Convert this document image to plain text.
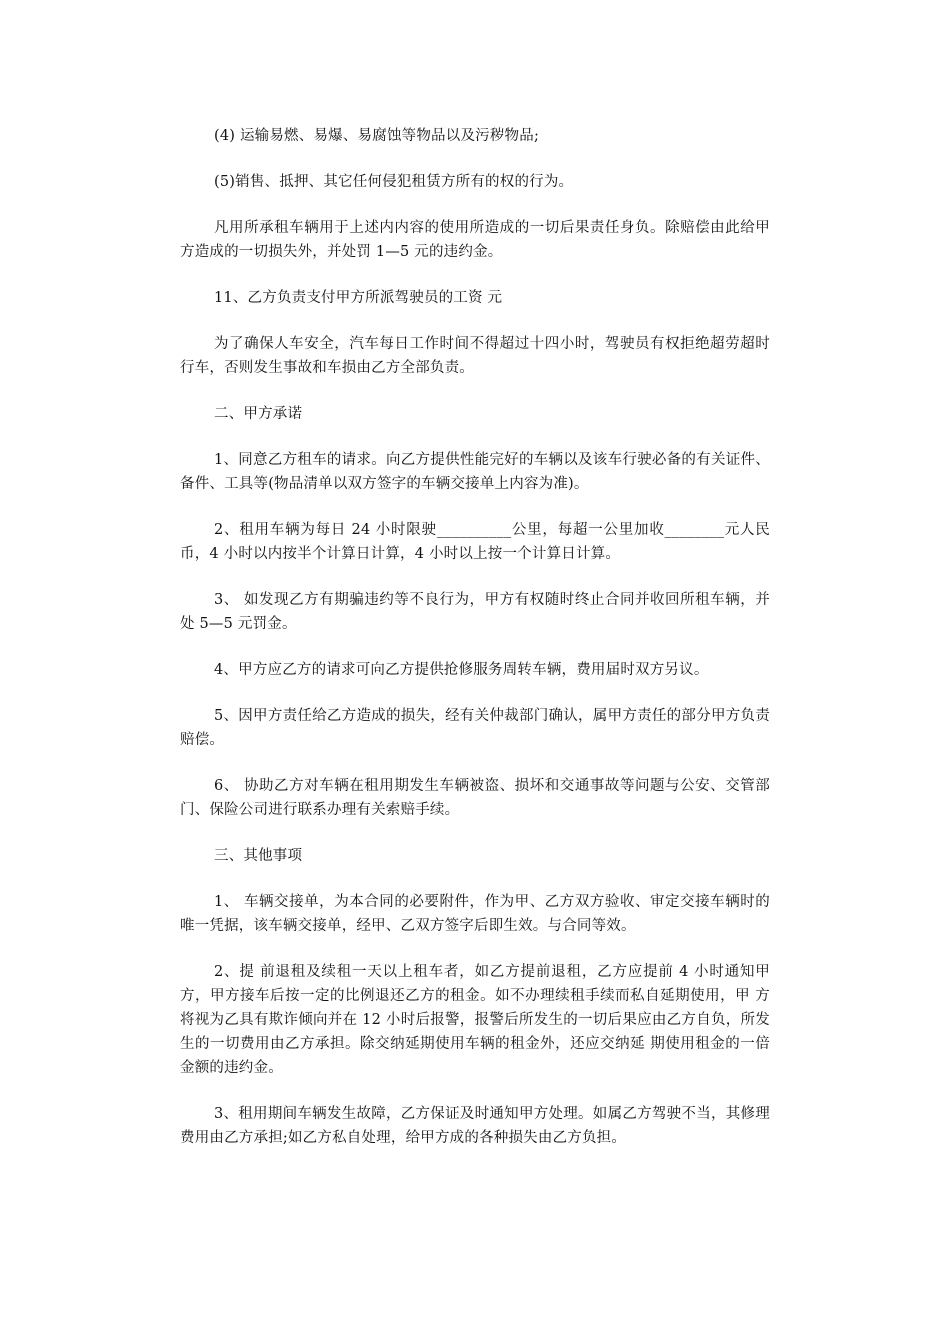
(4) 运输易燃、易爆、易腐蚀等物品以及污秽物品;

(5)销售、抵押、其它任何侵犯租赁方所有的权的行为。

凡用所承租车辆用于上述内内容的使用所造成的一切后果责任身负。除赔偿由此给甲方造成的一切损失外，并处罚 1—5 元的违约金。

11、乙方负责支付甲方所派驾驶员的工资 元

为了确保人车安全，汽车每日工作时间不得超过十四小时，驾驶员有权拒绝超劳超时行车，否则发生事故和车损由乙方全部负责。

二、甲方承诺

1、同意乙方租车的请求。向乙方提供性能完好的车辆以及该车行驶必备的有关证件、备件、工具等(物品清单以双方签字的车辆交接单上内容为准)。

2、租用车辆为每日 24 小时限驶__________公里，每超一公里加收________元人民币，4 小时以内按半个计算日计算，4 小时以上按一个计算日计算。

3、 如发现乙方有期骗违约等不良行为，甲方有权随时终止合同并收回所租车辆，并处 5—5 元罚金。

4、甲方应乙方的请求可向乙方提供抢修服务周转车辆，费用届时双方另议。

5、因甲方责任给乙方造成的损失，经有关仲裁部门确认，属甲方责任的部分甲方负责赔偿。

6、 协助乙方对车辆在租用期发生车辆被盗、损坏和交通事故等问题与公安、交管部门、保险公司进行联系办理有关索赔手续。

三、其他事项

1、 车辆交接单，为本合同的必要附件，作为甲、乙方双方验收、审定交接车辆时的唯一凭据，该车辆交接单，经甲、乙双方签字后即生效。与合同等效。

2、提 前退租及续租一天以上租车者，如乙方提前退租，乙方应提前 4 小时通知甲方，甲方接车后按一定的比例退还乙方的租金。如不办理续租手续而私自延期使用，甲 方将视为乙具有欺诈倾向并在 12 小时后报警，报警后所发生的一切后果应由乙方自负，所发生的一切费用由乙方承担。除交纳延期使用车辆的租金外，还应交纳延 期使用租金的一倍金额的违约金。

3、租用期间车辆发生故障，乙方保证及时通知甲方处理。如属乙方驾驶不当，其修理费用由乙方承担;如乙方私自处理，给甲方成的各种损失由乙方负担。
